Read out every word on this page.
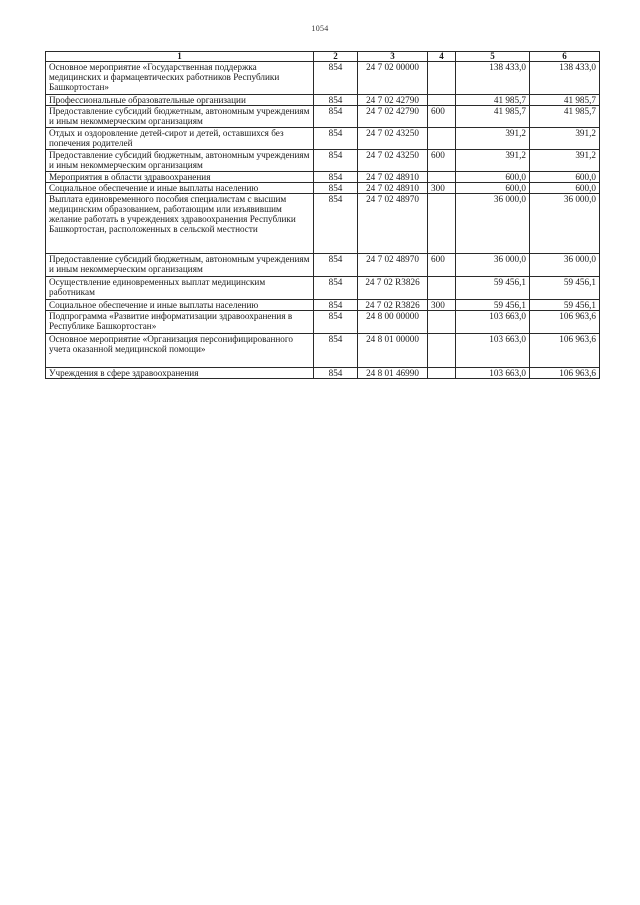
1054
1	2	3	4	5	6
Основное мероприятие «Государственная поддержка медицинских и фармацевтических работников Республики Башкортостан»	854	24 7 02 00000		138 433,0	138 433,0
Профессиональные образовательные организации	854	24 7 02 42790		41 985,7	41 985,7
Предоставление субсидий бюджетным, автономным учреждениям и иным некоммерческим организациям	854	24 7 02 42790	600	41 985,7	41 985,7
Отдых и оздоровление детей-сирот и детей, оставшихся без попечения родителей	854	24 7 02 43250		391,2	391,2
Предоставление субсидий бюджетным, автономным учреждениям и иным некоммерческим организациям	854	24 7 02 43250	600	391,2	391,2
Мероприятия в области здравоохранения	854	24 7 02 48910		600,0	600,0
Социальное обеспечение и иные выплаты населению	854	24 7 02 48910	300	600,0	600,0
Выплата единовременного пособия специалистам с высшим медицинским образованием, работающим или изъявившим желание работать в учреждениях здравоохранения Республики Башкортостан, расположенных в сельской местности	854	24 7 02 48970		36 000,0	36 000,0
Предоставление субсидий бюджетным, автономным учреждениям и иным некоммерческим организациям	854	24 7 02 48970	600	36 000,0	36 000,0
Осуществление единовременных выплат медицинским работникам	854	24 7 02 R3826		59 456,1	59 456,1
Социальное обеспечение и иные выплаты населению	854	24 7 02 R3826	300	59 456,1	59 456,1
Подпрограмма «Развитие информатизации здравоохранения в Республике Башкортостан»	854	24 8 00 00000		103 663,0	106 963,6
Основное мероприятие «Организация персонифицированного учета оказанной медицинской помощи»	854	24 8 01 00000		103 663,0	106 963,6
Учреждения в сфере здравоохранения	854	24 8 01 46990		103 663,0	106 963,6
